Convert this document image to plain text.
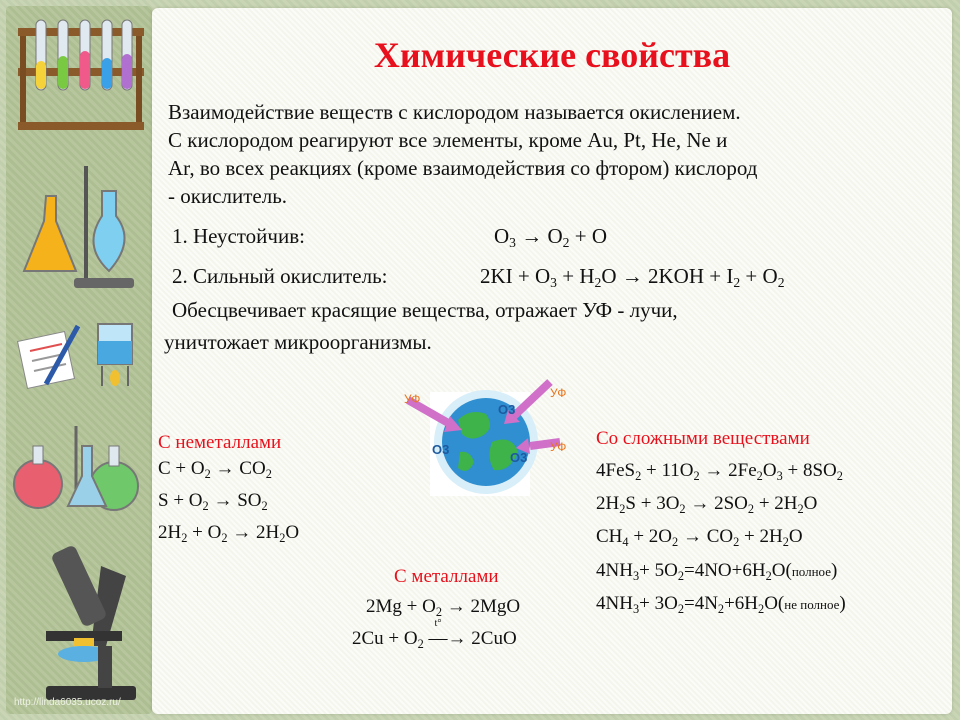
Химические свойства
Взаимодействие веществ с кислородом называется окислением.
С кислородом реагируют все элементы, кроме Au, Pt, He, Ne и
Ar, во всех реакциях (кроме взаимодействия со фтором) кислород
- окислитель.
1. Неустойчив:	$O_3 \to O_2 + O$
2. Сильный окислитель:	$2KI + O_3 + H_2O \to 2KOH + I_2 + O_2$
Обесцвечивает красящие вещества, отражает УФ - лучи,
уничтожает микроорганизмы.
УФ	УФ
УФ
O3
O3
O3
С неметаллами
$C + O_2 \to CO_2$
$S + O_2 \to SO_2$
$2H_2 + O_2 \to 2H_2O$
Со сложными веществами
$4FeS_2 + 11O_2 \to 2Fe_2O_3 + 8SO_2$
$2H_2S + 3O_2 \to 2SO_2 + 2H_2O$
$CH_4 + 2O_2 \to CO_2 + 2H_2O$
$4NH_3+$ $5O_2=4NO+6H_2O(полное)$
$4NH_3+ 3O_2=4N_2+6H_2O(не$ полное)
С металлами
$2Mg + O_2 \to 2MgO$
$2Cu + O_2$ —
→ 2CuO
http://linda6035.ucoz.ru/
